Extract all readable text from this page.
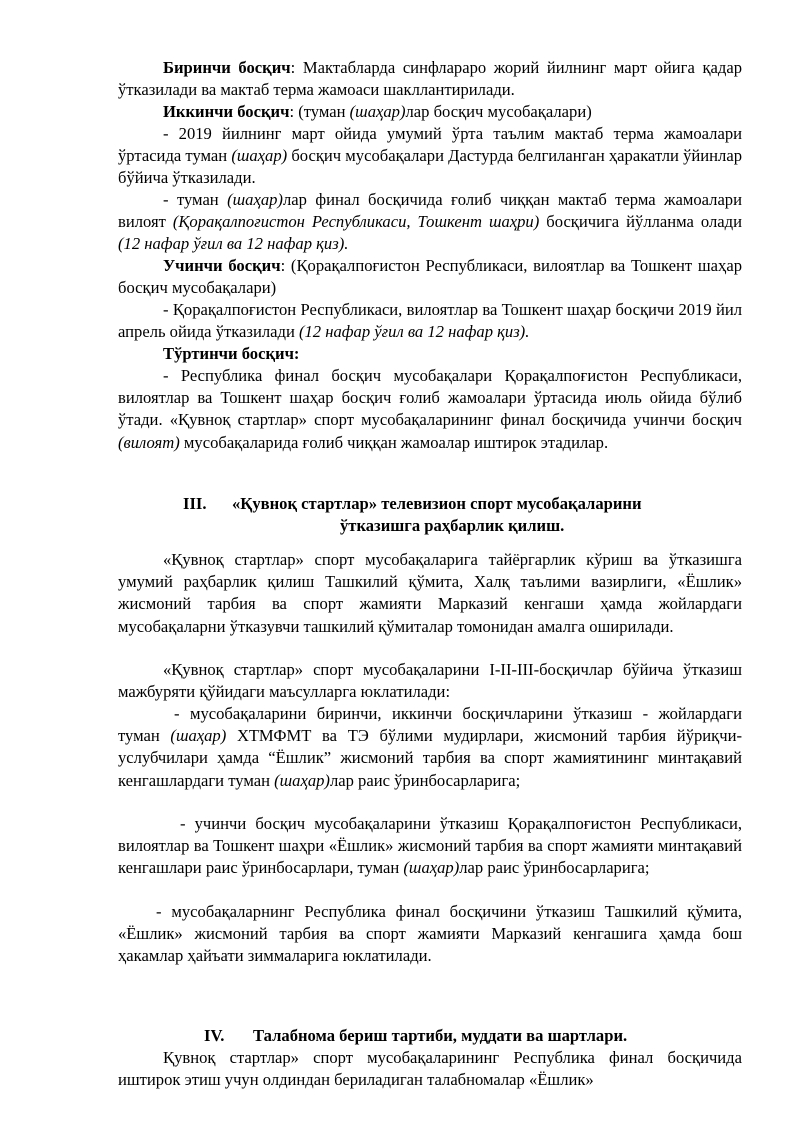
Биринчи босқич: Мактабларда синфлараро жорий йилнинг март ойига қадар ўтказилади ва мактаб терма жамоаси шакллантирилади.

Иккинчи босқич: (туман (шаҳар)лар босқич мусобақалари)

- 2019 йилнинг март ойида умумий ўрта таълим мактаб терма жамоалари ўртасида туман (шаҳар) босқич мусобақалари Дастурда белгиланган ҳаракатли ўйинлар бўйича ўтказилади.

- туман (шаҳар)лар финал босқичида ғолиб чиққан мактаб терма жамоалари вилоят (Қорақалпоғистон Республикаси, Тошкент шаҳри) босқичига йўлланма олади (12 нафар ўғил ва 12 нафар қиз).

Учинчи босқич: (Қорақалпоғистон Республикаси, вилоятлар ва Тошкент шаҳар босқич мусобақалари)

- Қорақалпоғистон Республикаси, вилоятлар ва Тошкент шаҳар босқичи 2019 йил апрель ойида ўтказилади (12 нафар ўғил ва 12 нафар қиз).

Тўртинчи босқич:

- Республика финал босқич мусобақалари Қорақалпоғистон Республикаси, вилоятлар ва Тошкент шаҳар босқич ғолиб жамоалари ўртасида июль ойида бўлиб ўтади. «Қувноқ стартлар» спорт мусобақаларининг финал босқичида учинчи босқич (вилоят) мусобақаларида ғолиб чиққан жамоалар иштирок этадилар.

III. «Қувноқ стартлар» телевизион спорт мусобақаларини
ўтказишга раҳбарлик қилиш.

«Қувноқ стартлар» спорт мусобақаларига тайёргарлик кўриш ва ўтказишга умумий раҳбарлик қилиш Ташкилий қўмита, Халқ таълими вазирлиги, «Ёшлик» жисмоний тарбия ва спорт жамияти Марказий кенгаши ҳамда жойлардаги мусобақаларни ўтказувчи ташкилий қўмиталар томонидан амалга оширилади.

«Қувноқ стартлар» спорт мусобақаларини I-II-III-босқичлар бўйича ўтказиш мажбуряти қўйидаги маъсулларга юклатилади:

- мусобақаларини биринчи, иккинчи босқичларини ўтказиш - жойлардаги туман (шаҳар) ХТМФМТ ва ТЭ бўлими мудирлари, жисмоний тарбия йўриқчи-услубчилари ҳамда “Ёшлик” жисмоний тарбия ва спорт жамиятининг минтақавий кенгашлардаги туман (шаҳар)лар раис ўринбосарларига;

- учинчи босқич мусобақаларини ўтказиш Қорақалпоғистон Республикаси, вилоятлар ва Тошкент шаҳри «Ёшлик» жисмоний тарбия ва спорт жамияти минтақавий кенгашлари раис ўринбосарлари, туман (шаҳар)лар раис ўринбосарларига;

- мусобақаларнинг Республика финал босқичини ўтказиш Ташкилий қўмита, «Ёшлик» жисмоний тарбия ва спорт жамияти Марказий кенгашига ҳамда бош ҳакамлар ҳайъати зиммаларига юклатилади.

IV. Талабнома бериш тартиби, муддати ва шартлари.

Қувноқ стартлар» спорт мусобақаларининг Республика финал босқичида иштирок этиш учун олдиндан бериладиган талабномалар «Ёшлик»
